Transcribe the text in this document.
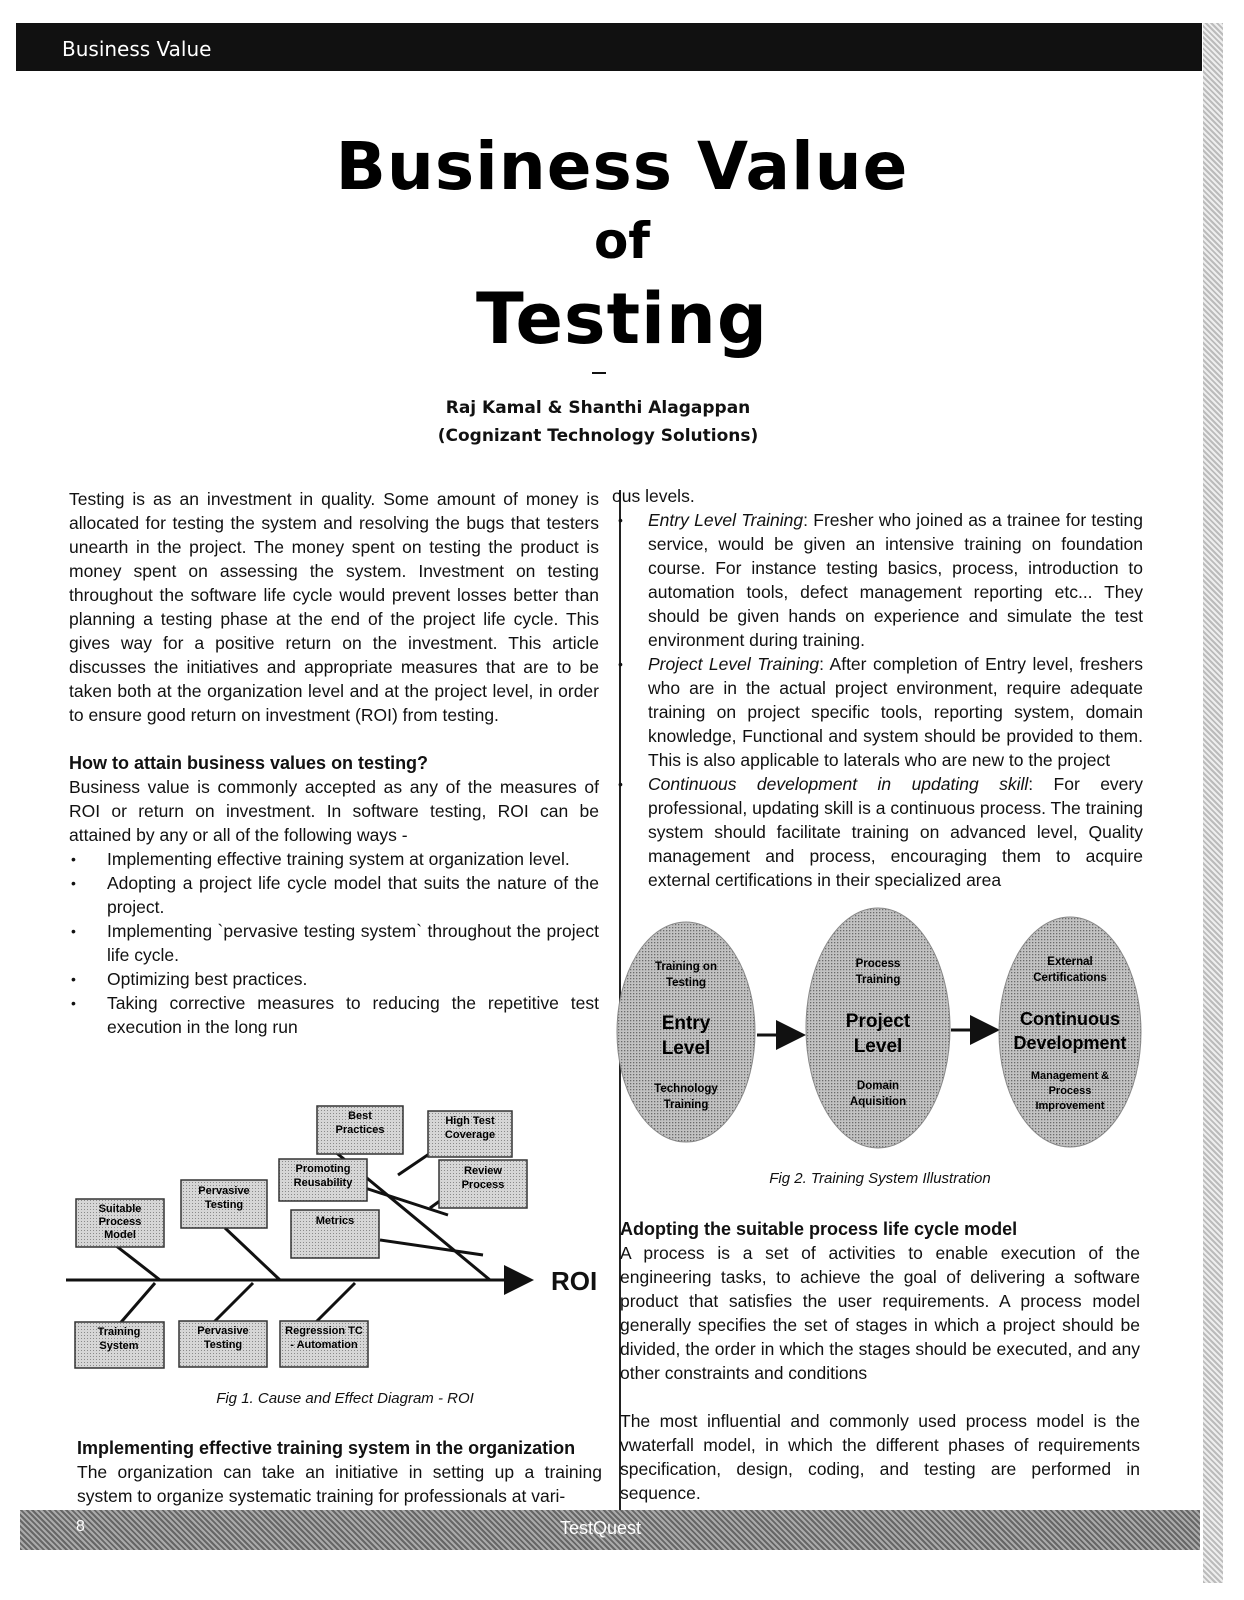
Business Value
Business Value
of
Testing
Raj Kamal & Shanthi Alagappan
(Cognizant Technology Solutions)

Testing is as an investment in quality. Some amount of money is allocated for testing the system and resolving the bugs that testers unearth in the project. The money spent on testing the product is money spent on assessing the system. Investment on testing throughout the software life cycle would prevent losses better than planning a testing phase at the end of the project life cycle. This gives way for a positive return on the investment. This article discusses the initiatives and appropriate measures that are to be taken both at the organization level and at the project level, in order to ensure good return on investment (ROI) from testing.

How to attain business values on testing?

Business value is commonly accepted as any of the measures of ROI or return on investment. In software testing, ROI can be attained by any or all of the following ways -

• Implementing effective training system at organization level.
• Adopting a project life cycle model that suits the nature of the project.
• Implementing `pervasive testing system` throughout the project life cycle.
• Optimizing best practices.
• Taking corrective measures to reducing the repetitive test execution in the long run
ROI
Best
Practices
High Test
Coverage
Promoting
Reusability
Review
Process
Metrics
Pervasive
Testing
Suitable
Process
Model
Training
System
Pervasive
Testing
Regression TC
- Automation
Training on
Testing
Entry
Level
Technology
Training
Process
Training
Project
Level
Domain
Aquisition
External
Certifications
Continuous
Development
Management &
Process
Improvement
Fig 1. Cause and Effect Diagram - ROI
Implementing effective training system in the organization

The organization can take an initiative in setting up a training system to organize systematic training for professionals at vari-

ous levels.

• Entry Level Training: Fresher who joined as a trainee for testing service, would be given an intensive training on foundation course. For instance testing basics, process, introduction to automation tools, defect management reporting etc... They should be given hands on experience and simulate the test environment during training.
• Project Level Training: After completion of Entry level, freshers who are in the actual project environment, require adequate training on project specific tools, reporting system, domain knowledge, Functional and system should be provided to them. This is also applicable to laterals who are new to the project
• Continuous development in updating skill: For every professional, updating skill is a continuous process. The training system should facilitate training on advanced level, Quality management and process, encouraging them to acquire external certifications in their specialized area
Fig 2. Training System Illustration
Adopting the suitable process life cycle model

A process is a set of activities to enable execution of the engineering tasks, to achieve the goal of delivering a software product that satisfies the user requirements. A process model generally specifies the set of stages in which a project should be divided, the order in which the stages should be executed, and any other constraints and conditions

The most influential and commonly used process model is the vwaterfall model, in which the different phases of requirements specification, design, coding, and testing are performed in sequence.

8	TestQuest
